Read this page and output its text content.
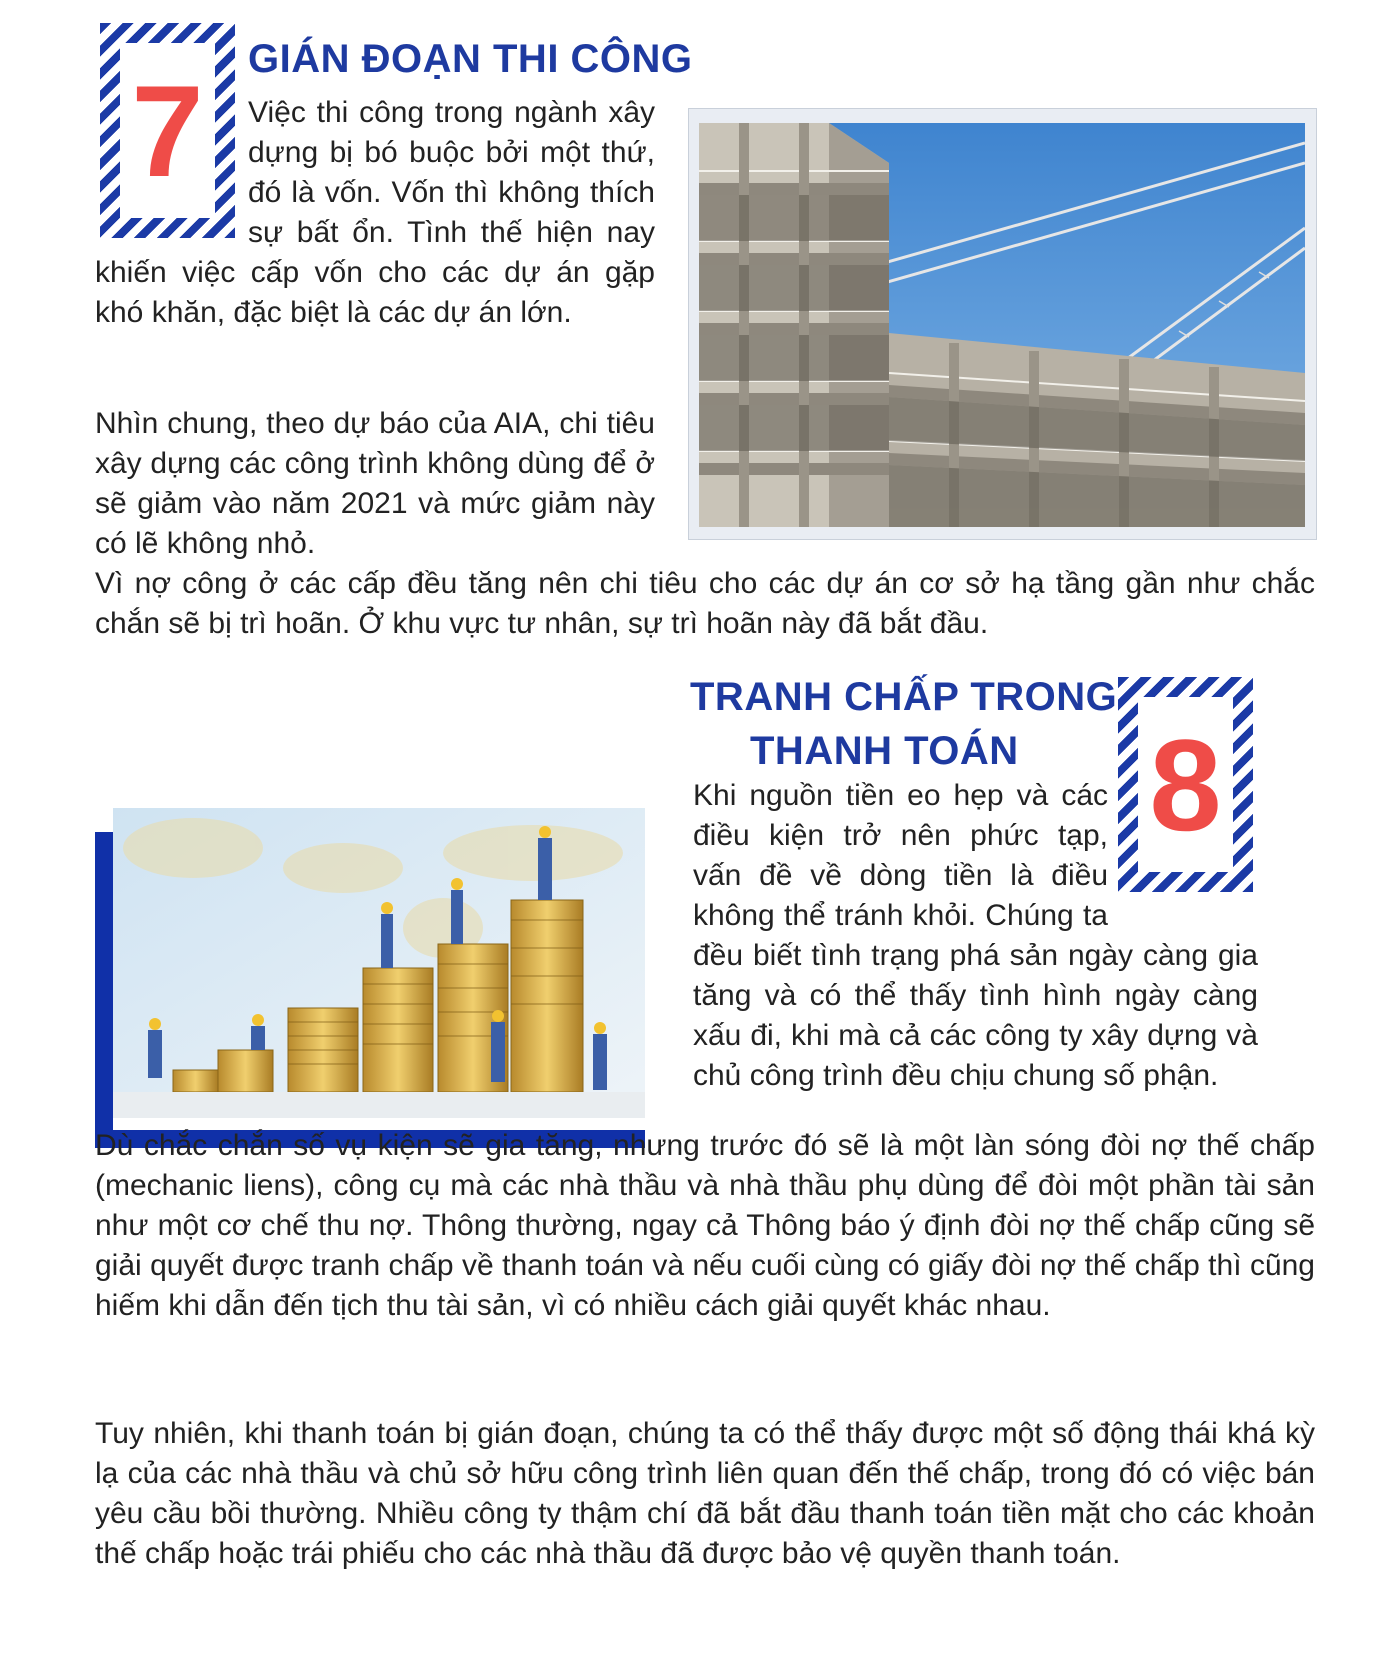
7 GIÁN ĐOẠN THI CÔNG

Việc thi công trong ngành xây dựng bị bó buộc bởi một thứ, đó là vốn. Vốn thì không thích sự bất ổn. Tình thế hiện nay khiến việc cấp vốn cho các dự án gặp khó khăn, đặc biệt là các dự án lớn.

Nhìn chung, theo dự báo của AIA, chi tiêu xây dựng các công trình không dùng để ở sẽ giảm vào năm 2021 và mức giảm này có lẽ không nhỏ.

Vì nợ công ở các cấp đều tăng nên chi tiêu cho các dự án cơ sở hạ tầng gần như chắc chắn sẽ bị trì hoãn. Ở khu vực tư nhân, sự trì hoãn này đã bắt đầu.

TRANH CHẤP TRONG
THANH TOÁN 8

Khi nguồn tiền eo hẹp và các điều kiện trở nên phức tạp, vấn đề về dòng tiền là điều không thể tránh khỏi. Chúng ta đều biết tình trạng phá sản ngày càng gia tăng và có thể thấy tình hình ngày càng xấu đi, khi mà cả các công ty xây dựng và chủ công trình đều chịu chung số phận.

Dù chắc chắn số vụ kiện sẽ gia tăng, nhưng trước đó sẽ là một làn sóng đòi nợ thế chấp (mechanic liens), công cụ mà các nhà thầu và nhà thầu phụ dùng để đòi một phần tài sản như một cơ chế thu nợ. Thông thường, ngay cả Thông báo ý định đòi nợ thế chấp cũng sẽ giải quyết được tranh chấp về thanh toán và nếu cuối cùng có giấy đòi nợ thế chấp thì cũng hiếm khi dẫn đến tịch thu tài sản, vì có nhiều cách giải quyết khác nhau.

Tuy nhiên, khi thanh toán bị gián đoạn, chúng ta có thể thấy được một số động thái khá kỳ lạ của các nhà thầu và chủ sở hữu công trình liên quan đến thế chấp, trong đó có việc bán yêu cầu bồi thường. Nhiều công ty thậm chí đã bắt đầu thanh toán tiền mặt cho các khoản thế chấp hoặc trái phiếu cho các nhà thầu đã được bảo vệ quyền thanh toán.
